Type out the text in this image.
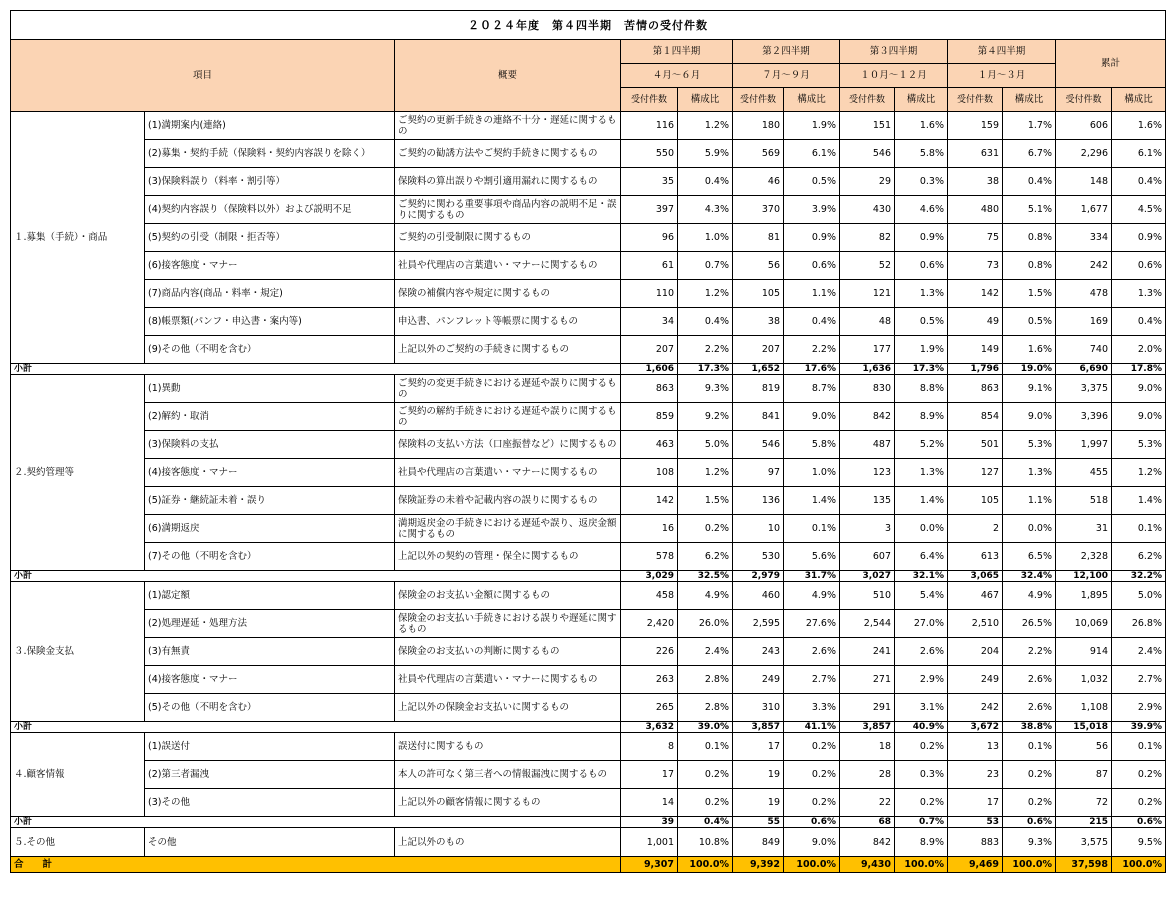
２０２４年度　第４四半期　苦情の受付件数												
項目		概要	第１四半期		第２四半期		第３四半期		第４四半期		累計	
			４月～６月		７月～９月		１０月～１２月		１月～３月			
			受付件数	構成比	受付件数	構成比	受付件数	構成比	受付件数	構成比	受付件数	構成比
１.募集（手続）・商品	(1)満期案内(連絡)	ご契約の更新手続きの連絡不十分・遅延に関するもの	116	1.2%	180	1.9%	151	1.6%	159	1.7%	606	1.6%
	(2)募集・契約手続（保険料・契約内容誤りを除く）	ご契約の勧誘方法やご契約手続きに関するもの	550	5.9%	569	6.1%	546	5.8%	631	6.7%	2,296	6.1%
	(3)保険料誤り（料率・割引等）	保険料の算出誤りや割引適用漏れに関するもの	35	0.4%	46	0.5%	29	0.3%	38	0.4%	148	0.4%
	(4)契約内容誤り（保険料以外）および説明不足	ご契約に関わる重要事項や商品内容の説明不足・誤りに関するもの	397	4.3%	370	3.9%	430	4.6%	480	5.1%	1,677	4.5%
	(5)契約の引受（制限・拒否等）	ご契約の引受制限に関するもの	96	1.0%	81	0.9%	82	0.9%	75	0.8%	334	0.9%
	(6)接客態度・マナー	社員や代理店の言葉遣い・マナーに関するもの	61	0.7%	56	0.6%	52	0.6%	73	0.8%	242	0.6%
	(7)商品内容(商品・料率・規定)	保険の補償内容や規定に関するもの	110	1.2%	105	1.1%	121	1.3%	142	1.5%	478	1.3%
	(8)帳票類(パンフ・申込書・案内等)	申込書、パンフレット等帳票に関するもの	34	0.4%	38	0.4%	48	0.5%	49	0.5%	169	0.4%
	(9)その他（不明を含む）	上記以外のご契約の手続きに関するもの	207	2.2%	207	2.2%	177	1.9%	149	1.6%	740	2.0%
小計			1,606	17.3%	1,652	17.6%	1,636	17.3%	1,796	19.0%	6,690	17.8%
２.契約管理等	(1)異動	ご契約の変更手続きにおける遅延や誤りに関するもの	863	9.3%	819	8.7%	830	8.8%	863	9.1%	3,375	9.0%
	(2)解約・取消	ご契約の解約手続きにおける遅延や誤りに関するもの	859	9.2%	841	9.0%	842	8.9%	854	9.0%	3,396	9.0%
	(3)保険料の支払	保険料の支払い方法（口座振替など）に関するもの	463	5.0%	546	5.8%	487	5.2%	501	5.3%	1,997	5.3%
	(4)接客態度・マナー	社員や代理店の言葉遣い・マナーに関するもの	108	1.2%	97	1.0%	123	1.3%	127	1.3%	455	1.2%
	(5)証券・継続証未着・誤り	保険証券の未着や記載内容の誤りに関するもの	142	1.5%	136	1.4%	135	1.4%	105	1.1%	518	1.4%
	(6)満期返戻	満期返戻金の手続きにおける遅延や誤り、返戻金額に関するもの	16	0.2%	10	0.1%	3	0.0%	2	0.0%	31	0.1%
	(7)その他（不明を含む）	上記以外の契約の管理・保全に関するもの	578	6.2%	530	5.6%	607	6.4%	613	6.5%	2,328	6.2%
小計			3,029	32.5%	2,979	31.7%	3,027	32.1%	3,065	32.4%	12,100	32.2%
３.保険金支払	(1)認定額	保険金のお支払い金額に関するもの	458	4.9%	460	4.9%	510	5.4%	467	4.9%	1,895	5.0%
	(2)処理遅延・処理方法	保険金のお支払い手続きにおける誤りや遅延に関するもの	2,420	26.0%	2,595	27.6%	2,544	27.0%	2,510	26.5%	10,069	26.8%
	(3)有無責	保険金のお支払いの判断に関するもの	226	2.4%	243	2.6%	241	2.6%	204	2.2%	914	2.4%
	(4)接客態度・マナー	社員や代理店の言葉遣い・マナーに関するもの	263	2.8%	249	2.7%	271	2.9%	249	2.6%	1,032	2.7%
	(5)その他（不明を含む）	上記以外の保険金お支払いに関するもの	265	2.8%	310	3.3%	291	3.1%	242	2.6%	1,108	2.9%
小計			3,632	39.0%	3,857	41.1%	3,857	40.9%	3,672	38.8%	15,018	39.9%
４.顧客情報	(1)誤送付	誤送付に関するもの	8	0.1%	17	0.2%	18	0.2%	13	0.1%	56	0.1%
	(2)第三者漏洩	本人の許可なく第三者への情報漏洩に関するもの	17	0.2%	19	0.2%	28	0.3%	23	0.2%	87	0.2%
	(3)その他	上記以外の顧客情報に関するもの	14	0.2%	19	0.2%	22	0.2%	17	0.2%	72	0.2%
小計			39	0.4%	55	0.6%	68	0.7%	53	0.6%	215	0.6%
５.その他	その他	上記以外のもの	1,001	10.8%	849	9.0%	842	8.9%	883	9.3%	3,575	9.5%
合　　計			9,307	100.0%	9,392	100.0%	9,430	100.0%	9,469	100.0%	37,598	100.0%
